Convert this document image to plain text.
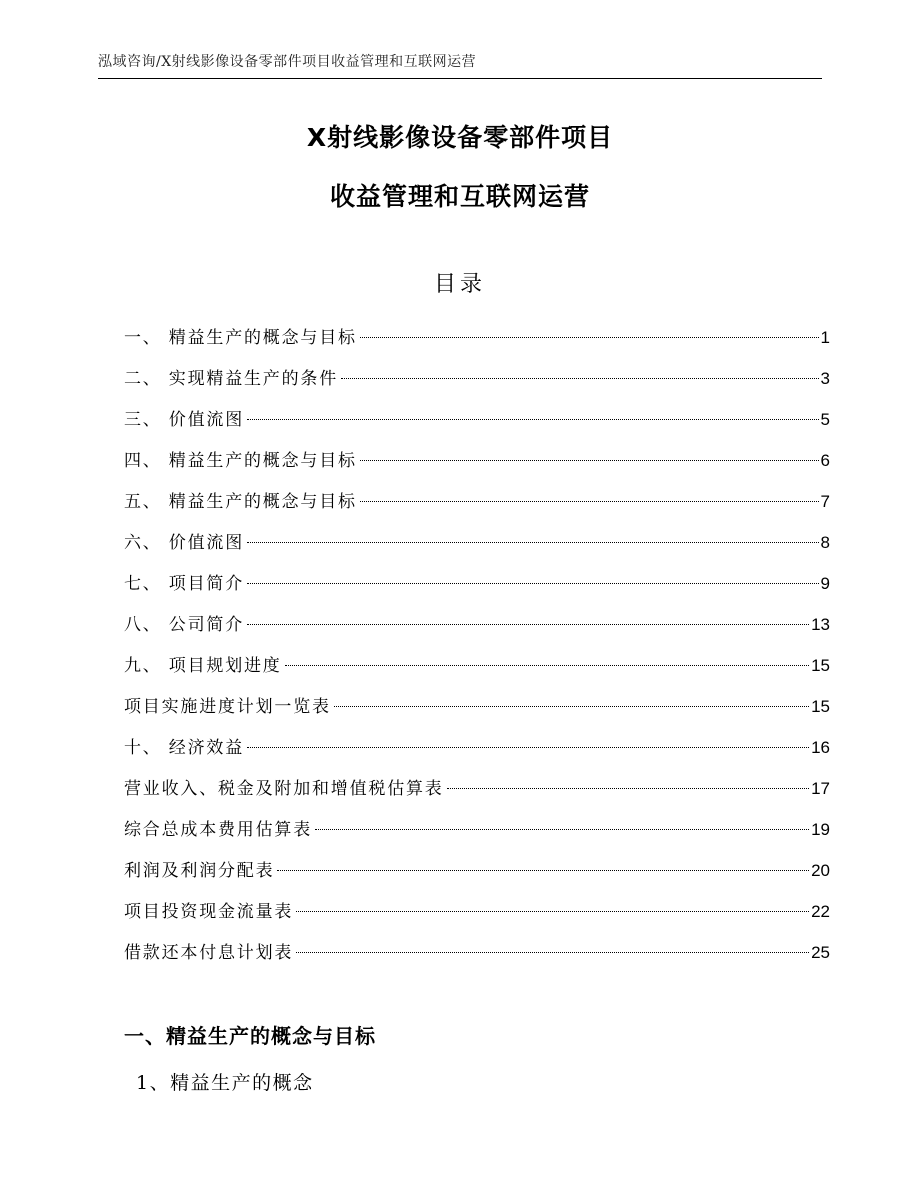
泓域咨询/X射线影像设备零部件项目收益管理和互联网运营
X射线影像设备零部件项目
收益管理和互联网运营
目录
一、 精益生产的概念与目标	1
二、 实现精益生产的条件	3
三、 价值流图	5
四、 精益生产的概念与目标	6
五、 精益生产的概念与目标	7
六、 价值流图	8
七、 项目简介	9
八、 公司简介	13
九、 项目规划进度	15
项目实施进度计划一览表	15
十、 经济效益	16
营业收入、税金及附加和增值税估算表	17
综合总成本费用估算表	19
利润及利润分配表	20
项目投资现金流量表	22
借款还本付息计划表	25
一、精益生产的概念与目标
1、精益生产的概念
